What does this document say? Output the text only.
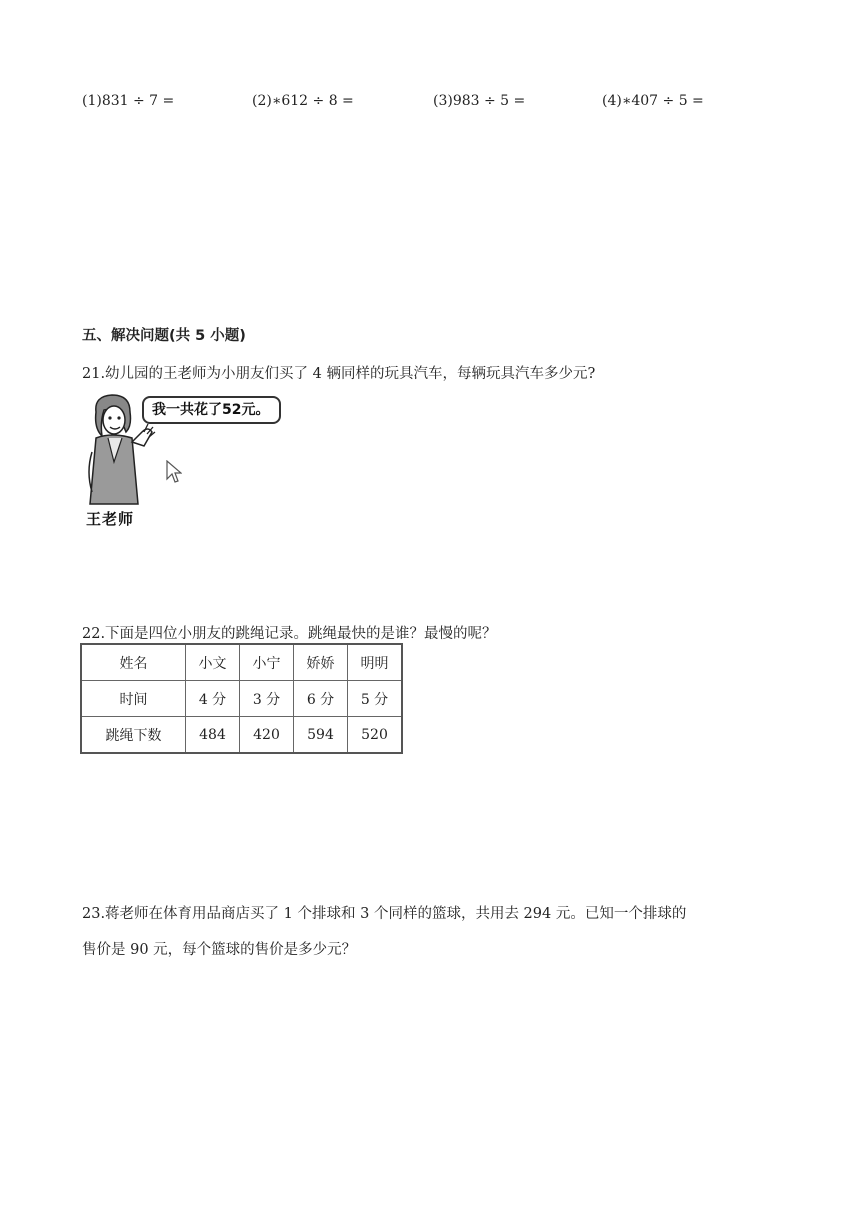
(1)831 ÷ 7 =	(2)∗612 ÷ 8 =	(3)983 ÷ 5 =	(4)∗407 ÷ 5 =
五、解决问题(共 5 小题)
21.幼儿园的王老师为小朋友们买了 4 辆同样的玩具汽车，每辆玩具汽车多少元?
我一共花了52元。
王老师
22.下面是四位小朋友的跳绳记录。跳绳最快的是谁？最慢的呢？
姓名	小文	小宁	娇娇	明明
时间	4 分	3 分	6 分	5 分
跳绳下数	484	420	594	520
23.蒋老师在体育用品商店买了 1 个排球和 3 个同样的篮球，共用去 294 元。已知一个排球的
售价是 90 元，每个篮球的售价是多少元？
